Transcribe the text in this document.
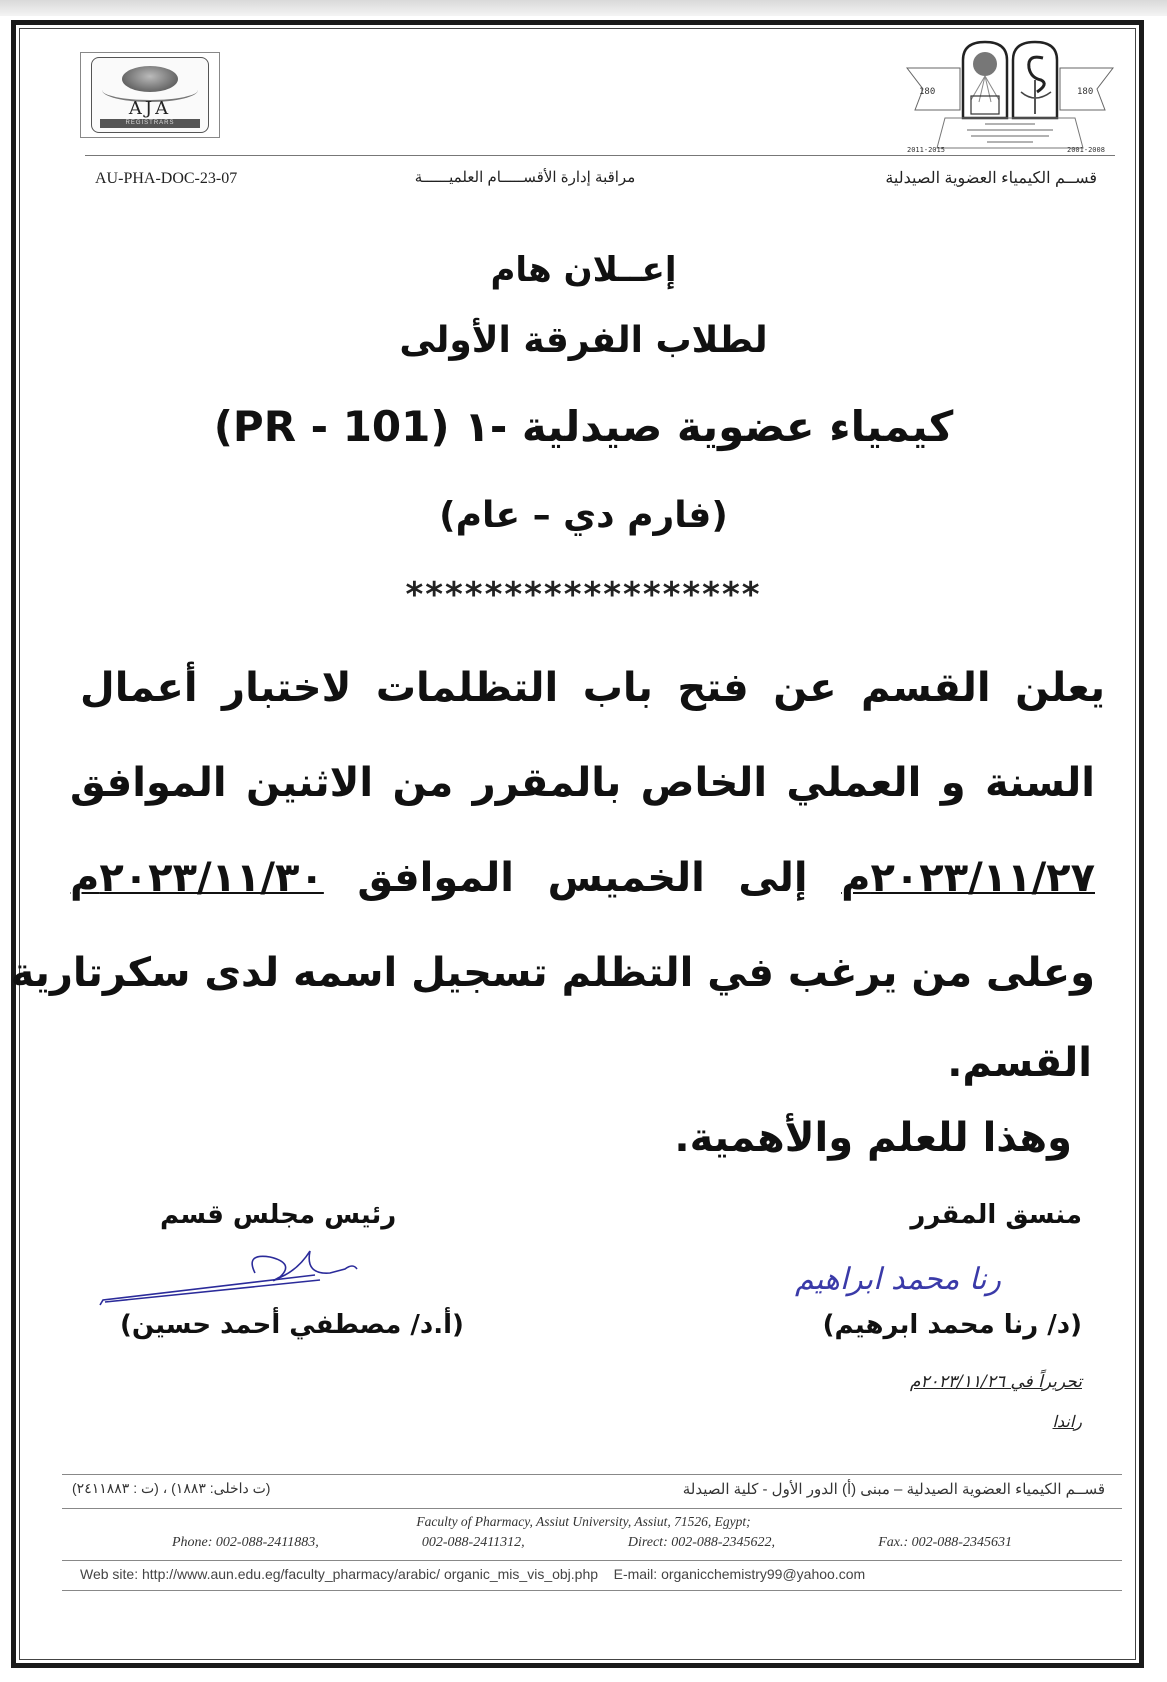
AJA
REGISTRARS
180	180
2011-2015	2001-2008
AU-PHA-DOC-23-07	مراقبة إدارة الأقســـــام العلميــــــة	قســم الكيمياء العضوية الصيدلية
إعــلان هام
لطلاب الفرقة الأولى
كيمياء عضوية صيدلية -١ (PR - 101)
(فارم دي – عام)
******************
يعلن القسم عن فتح باب التظلمات لاختبار أعمال
السنة و العملي الخاص بالمقرر من الاثنين الموافق
٢٠٢٣/١١/٢٧م إلى الخميس الموافق ٢٠٢٣/١١/٣٠م
وعلى من يرغب في التظلم تسجيل اسمه لدى سكرتارية
القسم.
وهذا للعلم والأهمية.
رئيس مجلس قسم	منسق المقرر
رنا محمد ابراهيم
(أ.د/ مصطفي أحمد حسين)	(د/ رنا محمد ابرهيم)
تحريراً في ٢٠٢٣/١١/٢٦م
راندا
قســم الكيمياء العضوية الصيدلية – مبنى (أ) الدور الأول - كلية الصيدلة
(ت داخلى: ١٨٨٣) ، (ت : ٢٤١١٨٨٣)
Faculty of Pharmacy, Assiut University, Assiut, 71526, Egypt;
Phone: 002-088-2411883,	002-088-2411312,	Direct: 002-088-2345622,	Fax.: 002-088-2345631
Web site: http://www.aun.edu.eg/faculty_pharmacy/arabic/ organic_mis_vis_obj.php E-mail: organicchemistry99@yahoo.com
